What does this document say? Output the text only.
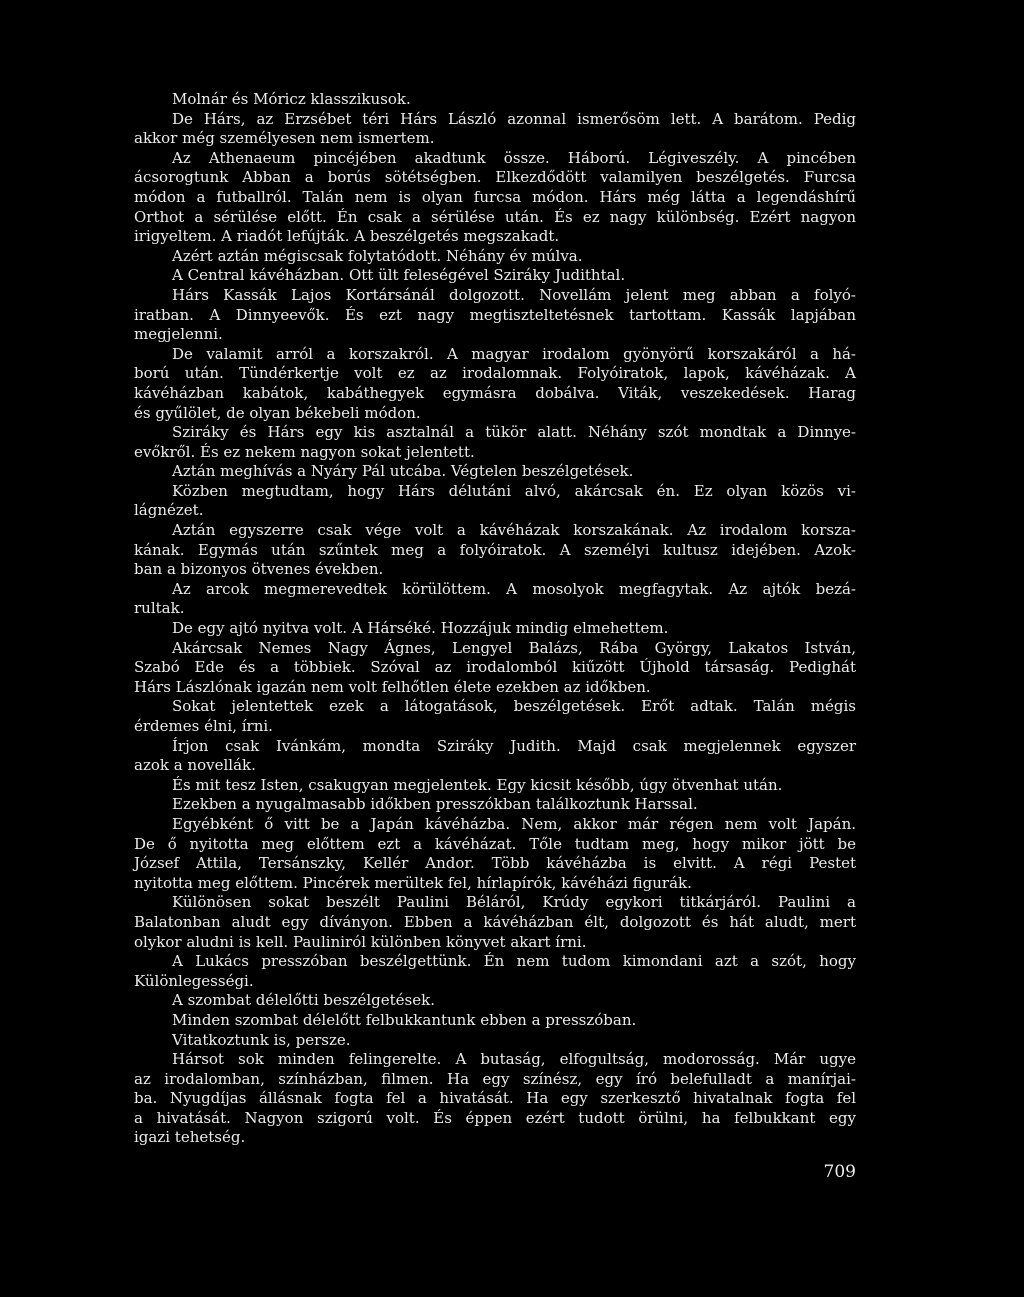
Molnár és Móricz klasszikusok.
De Hárs, az Erzsébet téri Hárs László azonnal ismerősöm lett. A barátom. Pedig
akkor még személyesen nem ismertem.
Az Athenaeum pincéjében akadtunk össze. Háború. Légiveszély. A pincében
ácsorogtunk Abban a borús sötétségben. Elkezdődött valamilyen beszélgetés. Furcsa
módon a futballról. Talán nem is olyan furcsa módon. Hárs még látta a legendáshírű
Orthot a sérülése előtt. Én csak a sérülése után. És ez nagy különbség. Ezért nagyon
irigyeltem. A riadót lefújták. A beszélgetés megszakadt.
Azért aztán mégiscsak folytatódott. Néhány év múlva.
A Central kávéházban. Ott ült feleségével Sziráky Judithtal.
Hárs Kassák Lajos Kortársánál dolgozott. Novellám jelent meg abban a folyó-
iratban. A Dinnyeevők. És ezt nagy megtiszteltetésnek tartottam. Kassák lapjában
megjelenni.
De valamit arról a korszakról. A magyar irodalom gyönyörű korszakáról a há-
ború után. Tündérkertje volt ez az irodalomnak. Folyóiratok, lapok, kávéházak. A
kávéházban kabátok, kabáthegyek egymásra dobálva. Viták, veszekedések. Harag
és gyűlölet, de olyan békebeli módon.
Sziráky és Hárs egy kis asztalnál a tükör alatt. Néhány szót mondtak a Dinnye-
evőkről. És ez nekem nagyon sokat jelentett.
Aztán meghívás a Nyáry Pál utcába. Végtelen beszélgetések.
Közben megtudtam, hogy Hárs délutáni alvó, akárcsak én. Ez olyan közös vi-
lágnézet.
Aztán egyszerre csak vége volt a kávéházak korszakának. Az irodalom korsza-
kának. Egymás után szűntek meg a folyóiratok. A személyi kultusz idejében. Azok-
ban a bizonyos ötvenes években.
Az arcok megmerevedtek körülöttem. A mosolyok megfagytak. Az ajtók bezá-
rultak.
De egy ajtó nyitva volt. A Hárséké. Hozzájuk mindig elmehettem.
Akárcsak Nemes Nagy Ágnes, Lengyel Balázs, Rába György, Lakatos István,
Szabó Ede és a többiek. Szóval az irodalomból kiűzött Újhold társaság. Pedighát
Hárs Lászlónak igazán nem volt felhőtlen élete ezekben az időkben.
Sokat jelentettek ezek a látogatások, beszélgetések. Erőt adtak. Talán mégis
érdemes élni, írni.
Írjon csak Ivánkám, mondta Sziráky Judith. Majd csak megjelennek egyszer
azok a novellák.
És mit tesz Isten, csakugyan megjelentek. Egy kicsit később, úgy ötvenhat után.
Ezekben a nyugalmasabb időkben presszókban találkoztunk Harssal.
Egyébként ő vitt be a Japán kávéházba. Nem, akkor már régen nem volt Japán.
De ő nyitotta meg előttem ezt a kávéházat. Tőle tudtam meg, hogy mikor jött be
József Attila, Tersánszky, Kellér Andor. Több kávéházba is elvitt. A régi Pestet
nyitotta meg előttem. Pincérek merültek fel, hírlapírók, kávéházi figurák.
Különösen sokat beszélt Paulini Béláról, Krúdy egykori titkárjáról. Paulini a
Balatonban aludt egy díványon. Ebben a kávéházban élt, dolgozott és hát aludt, mert
olykor aludni is kell. Pauliniról különben könyvet akart írni.
A Lukács presszóban beszélgettünk. Én nem tudom kimondani azt a szót, hogy
Különlegességi.
A szombat délelőtti beszélgetések.
Minden szombat délelőtt felbukkantunk ebben a presszóban.
Vitatkoztunk is, persze.
Hársot sok minden felingerelte. A butaság, elfogultság, modorosság. Már ugye
az irodalomban, színházban, filmen. Ha egy színész, egy író belefulladt a manírjai-
ba. Nyugdíjas állásnak fogta fel a hivatását. Ha egy szerkesztő hivatalnak fogta fel
a hivatását. Nagyon szigorú volt. És éppen ezért tudott örülni, ha felbukkant egy
igazi tehetség.
709
